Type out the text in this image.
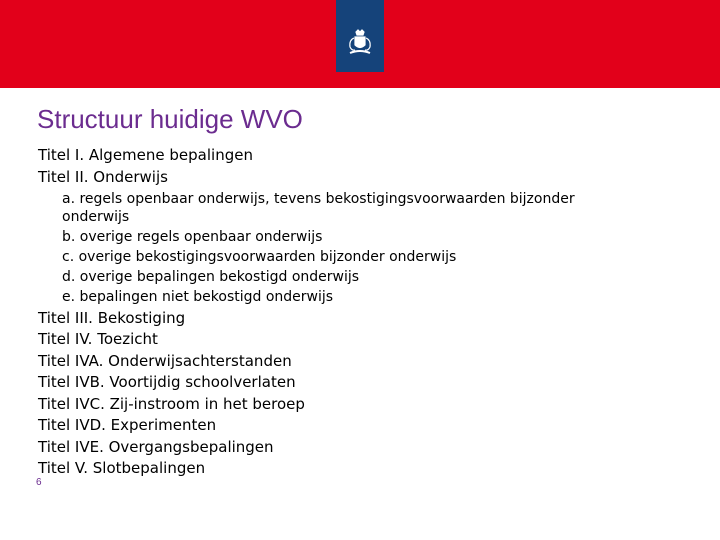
Structuur huidige WVO
Titel I. Algemene bepalingen
Titel II. Onderwijs
a. regels openbaar onderwijs, tevens bekostigingsvoorwaarden bijzonder
onderwijs
b. overige regels openbaar onderwijs
c. overige bekostigingsvoorwaarden bijzonder onderwijs
d. overige bepalingen bekostigd onderwijs
e. bepalingen niet bekostigd onderwijs
Titel III. Bekostiging
Titel IV. Toezicht
Titel IVA. Onderwijsachterstanden
Titel IVB. Voortijdig schoolverlaten
Titel IVC. Zij-instroom in het beroep
Titel IVD. Experimenten
Titel IVE. Overgangsbepalingen
Titel V. Slotbepalingen
6
